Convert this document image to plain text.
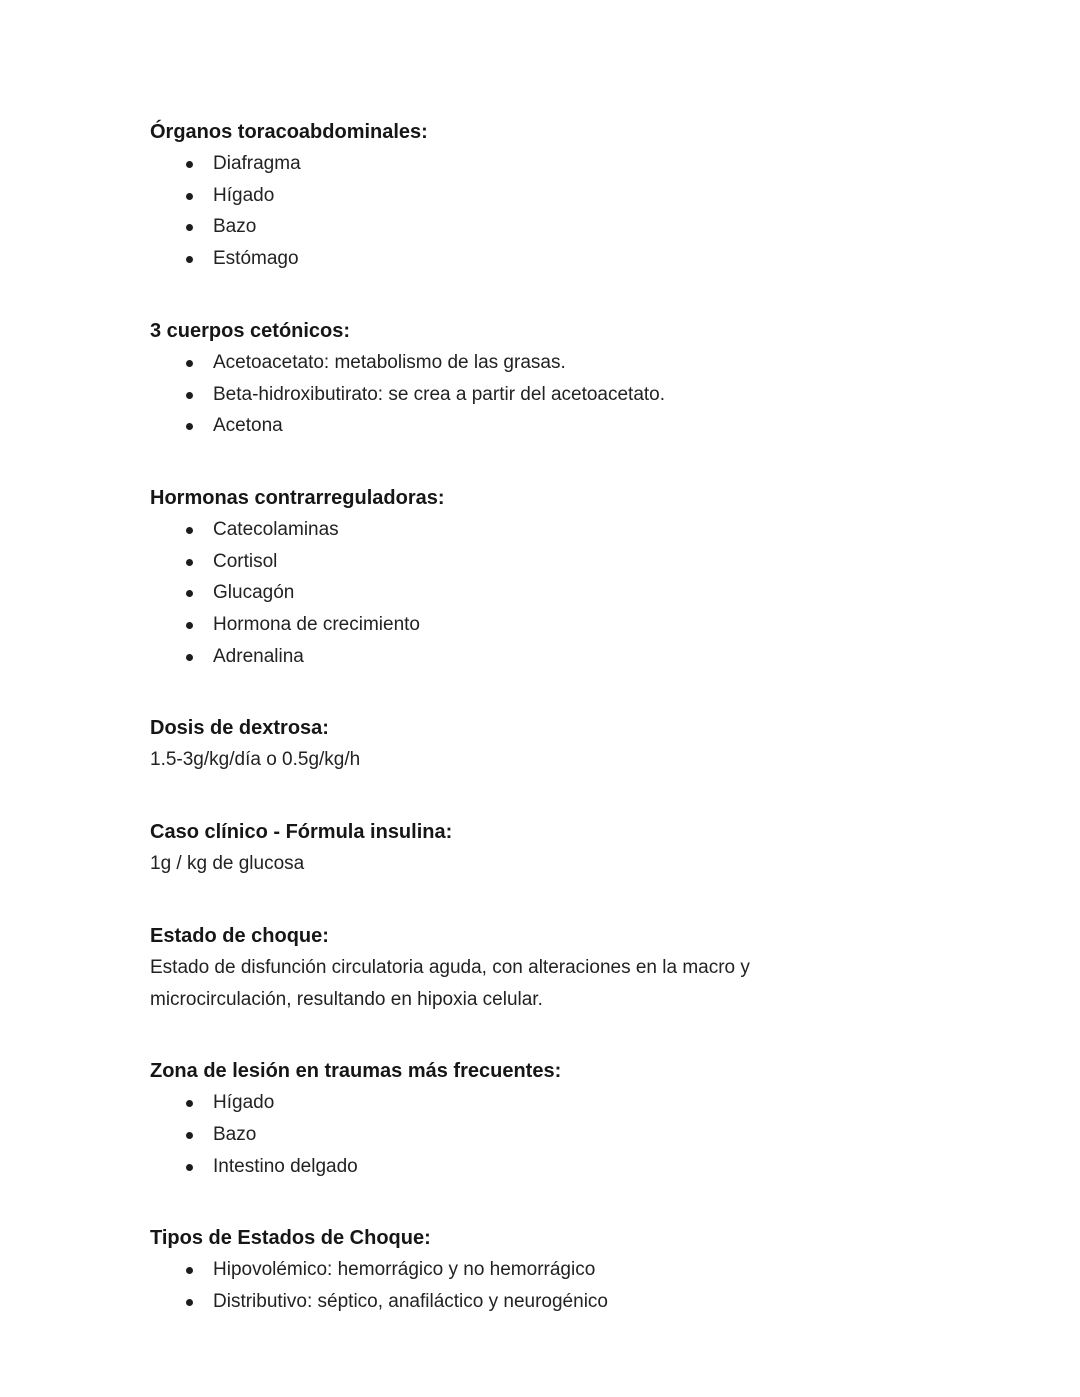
Órganos toracoabdominales:
Diafragma
Hígado
Bazo
Estómago
3 cuerpos cetónicos:
Acetoacetato: metabolismo de las grasas.
Beta-hidroxibutirato: se crea a partir del acetoacetato.
Acetona
Hormonas contrarreguladoras:
Catecolaminas
Cortisol
Glucagón
Hormona de crecimiento
Adrenalina
Dosis de dextrosa:

1.5-3g/kg/día o 0.5g/kg/h

Caso clínico - Fórmula insulina:

1g / kg de glucosa

Estado de choque:

Estado de disfunción circulatoria aguda, con alteraciones en la macro y microcirculación, resultando en hipoxia celular.

Zona de lesión en traumas más frecuentes:
Hígado
Bazo
Intestino delgado
Tipos de Estados de Choque:
Hipovolémico: hemorrágico y no hemorrágico
Distributivo: séptico, anafiláctico y neurogénico
